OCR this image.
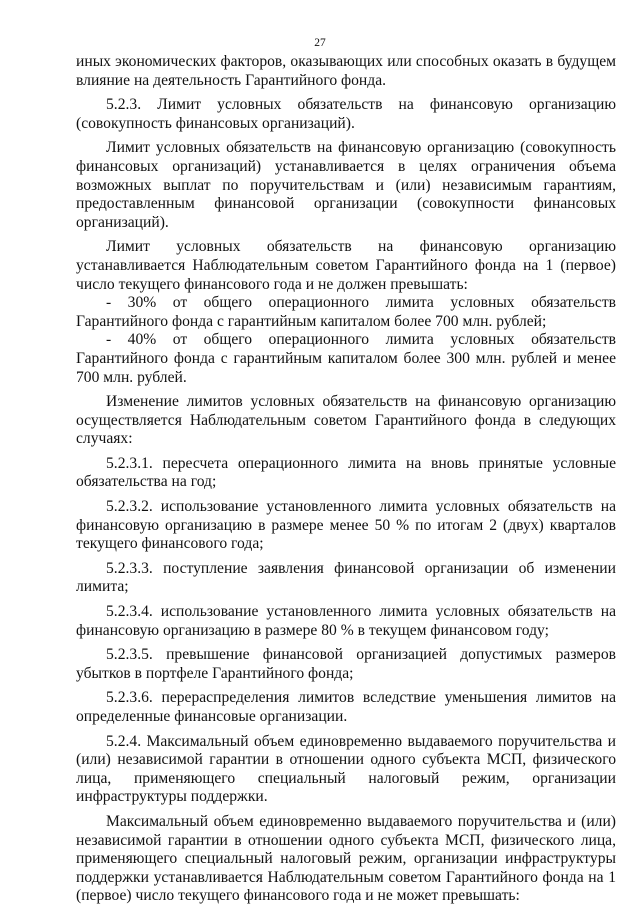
27

иных экономических факторов, оказывающих или способных оказать в будущем влияние на деятельность Гарантийного фонда.

5.2.3. Лимит условных обязательств на финансовую организацию (совокупность финансовых организаций).

Лимит условных обязательств на финансовую организацию (совокупность финансовых организаций) устанавливается в целях ограничения объема возможных выплат по поручительствам и (или) независимым гарантиям, предоставленным финансовой организации (совокупности финансовых организаций).

Лимит условных обязательств на финансовую организацию устанавливается Наблюдательным советом Гарантийного фонда на 1 (первое) число текущего финансового года и не должен превышать:

- 30% от общего операционного лимита условных обязательств Гарантийного фонда с гарантийным капиталом более 700 млн. рублей;

- 40% от общего операционного лимита условных обязательств Гарантийного фонда с гарантийным капиталом более 300 млн. рублей и менее 700 млн. рублей.

Изменение лимитов условных обязательств на финансовую организацию осуществляется Наблюдательным советом Гарантийного фонда в следующих случаях:

5.2.3.1. пересчета операционного лимита на вновь принятые условные обязательства на год;

5.2.3.2. использование установленного лимита условных обязательств на финансовую организацию в размере менее 50 % по итогам 2 (двух) кварталов текущего финансового года;

5.2.3.3. поступление заявления финансовой организации об изменении лимита;

5.2.3.4. использование установленного лимита условных обязательств на финансовую организацию в размере 80 % в текущем финансовом году;

5.2.3.5. превышение финансовой организацией допустимых размеров убытков в портфеле Гарантийного фонда;

5.2.3.6. перераспределения лимитов вследствие уменьшения лимитов на определенные финансовые организации.

5.2.4. Максимальный объем единовременно выдаваемого поручительства и (или) независимой гарантии в отношении одного субъекта МСП, физического лица, применяющего специальный налоговый режим, организации инфраструктуры поддержки.

Максимальный объем единовременно выдаваемого поручительства и (или) независимой гарантии в отношении одного субъекта МСП, физического лица, применяющего специальный налоговый режим, организации инфраструктуры поддержки устанавливается Наблюдательным советом Гарантийного фонда на 1 (первое) число текущего финансового года и не может превышать:
